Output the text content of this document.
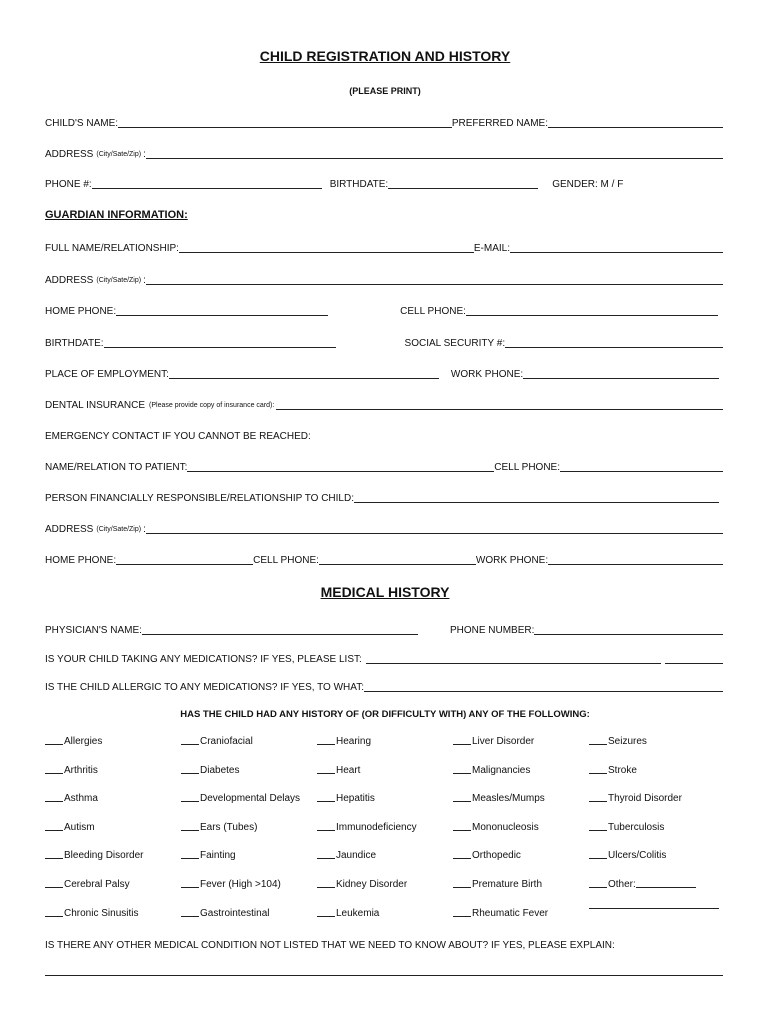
CHILD REGISTRATION AND HISTORY
(PLEASE PRINT)
CHILD'S NAME:	PREFERRED NAME:
ADDRESS (City/Sate/Zip) :
PHONE #:	BIRTHDATE:	GENDER: M / F
GUARDIAN INFORMATION:
FULL NAME/RELATIONSHIP:	E-MAIL:
ADDRESS (City/Sate/Zip) :
HOME PHONE:	CELL PHONE:
BIRTHDATE:	SOCIAL SECURITY #:
PLACE OF EMPLOYMENT:	WORK PHONE:
DENTAL INSURANCE (Please provide copy of insurance card):
EMERGENCY CONTACT IF YOU CANNOT BE REACHED:
NAME/RELATION TO PATIENT:	CELL PHONE:
PERSON FINANCIALLY RESPONSIBLE/RELATIONSHIP TO CHILD:
ADDRESS (City/Sate/Zip) :
HOME PHONE:	CELL PHONE:	WORK PHONE:
MEDICAL HISTORY
PHYSICIAN'S NAME:	PHONE NUMBER:
IS YOUR CHILD TAKING ANY MEDICATIONS? IF YES, PLEASE LIST:
IS THE CHILD ALLERGIC TO ANY MEDICATIONS? IF YES, TO WHAT:
HAS THE CHILD HAD ANY HISTORY OF (OR DIFFICULTY WITH) ANY OF THE FOLLOWING:
Allergies	Craniofacial	Hearing	Liver Disorder	Seizures
Arthritis	Diabetes	Heart	Malignancies	Stroke
Asthma	Developmental Delays	Hepatitis	Measles/Mumps	Thyroid Disorder
Autism	Ears (Tubes)	Immunodeficiency	Mononucleosis	Tuberculosis
Bleeding Disorder	Fainting	Jaundice	Orthopedic	Ulcers/Colitis
Cerebral Palsy	Fever (High >104)	Kidney Disorder	Premature Birth	Other:
Chronic Sinusitis	Gastrointestinal	Leukemia	Rheumatic Fever
IS THERE ANY OTHER MEDICAL CONDITION NOT LISTED THAT WE NEED TO KNOW ABOUT? IF YES, PLEASE EXPLAIN:
